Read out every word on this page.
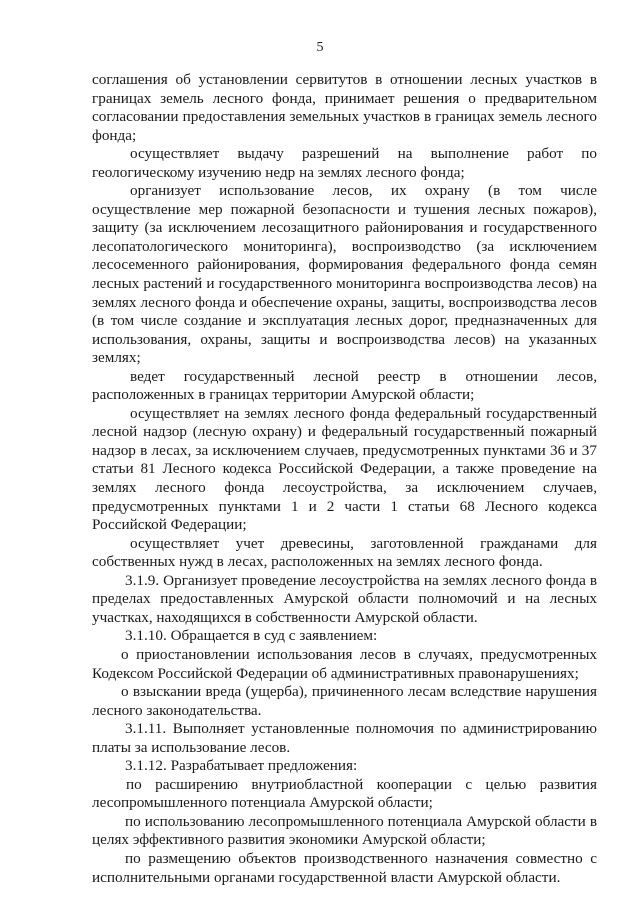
5

соглашения об установлении сервитутов в отношении лесных участков в границах земель лесного фонда, принимает решения о предварительном согласовании предоставления земельных участков в границах земель лесного фонда;

осуществляет выдачу разрешений на выполнение работ по геологическому изучению недр на землях лесного фонда;

организует использование лесов, их охрану (в том числе осуществление мер пожарной безопасности и тушения лесных пожаров), защиту (за исключением лесозащитного районирования и государственного лесопатологического мониторинга), воспроизводство (за исключением лесосеменного районирования, формирования федерального фонда семян лесных растений и государственного мониторинга воспроизводства лесов) на землях лесного фонда и обеспечение охраны, защиты, воспроизводства лесов (в том числе создание и эксплуатация лесных дорог, предназначенных для использования, охраны, защиты и воспроизводства лесов) на указанных землях;

ведет государственный лесной реестр в отношении лесов, расположенных в границах территории Амурской области;

осуществляет на землях лесного фонда федеральный государственный лесной надзор (лесную охрану) и федеральный государственный пожарный надзор в лесах, за исключением случаев, предусмотренных пунктами 36 и 37 статьи 81 Лесного кодекса Российской Федерации, а также проведение на землях лесного фонда лесоустройства, за исключением случаев, предусмотренных пунктами 1 и 2 части 1 статьи 68 Лесного кодекса Российской Федерации;

осуществляет учет древесины, заготовленной гражданами для собственных нужд в лесах, расположенных на землях лесного фонда.

3.1.9. Организует проведение лесоустройства на землях лесного фонда в пределах предоставленных Амурской области полномочий и на лесных участках, находящихся в собственности Амурской области.

3.1.10. Обращается в суд с заявлением:

о приостановлении использования лесов в случаях, предусмотренных Кодексом Российской Федерации об административных правонарушениях;

о взыскании вреда (ущерба), причиненного лесам вследствие нарушения лесного законодательства.

3.1.11. Выполняет установленные полномочия по администрированию платы за использование лесов.

3.1.12. Разрабатывает предложения:

по расширению внутриобластной кооперации с целью развития лесопромышленного потенциала Амурской области;

по использованию лесопромышленного потенциала Амурской области в целях эффективного развития экономики Амурской области;

по размещению объектов производственного назначения совместно с исполнительными органами государственной власти Амурской области.
